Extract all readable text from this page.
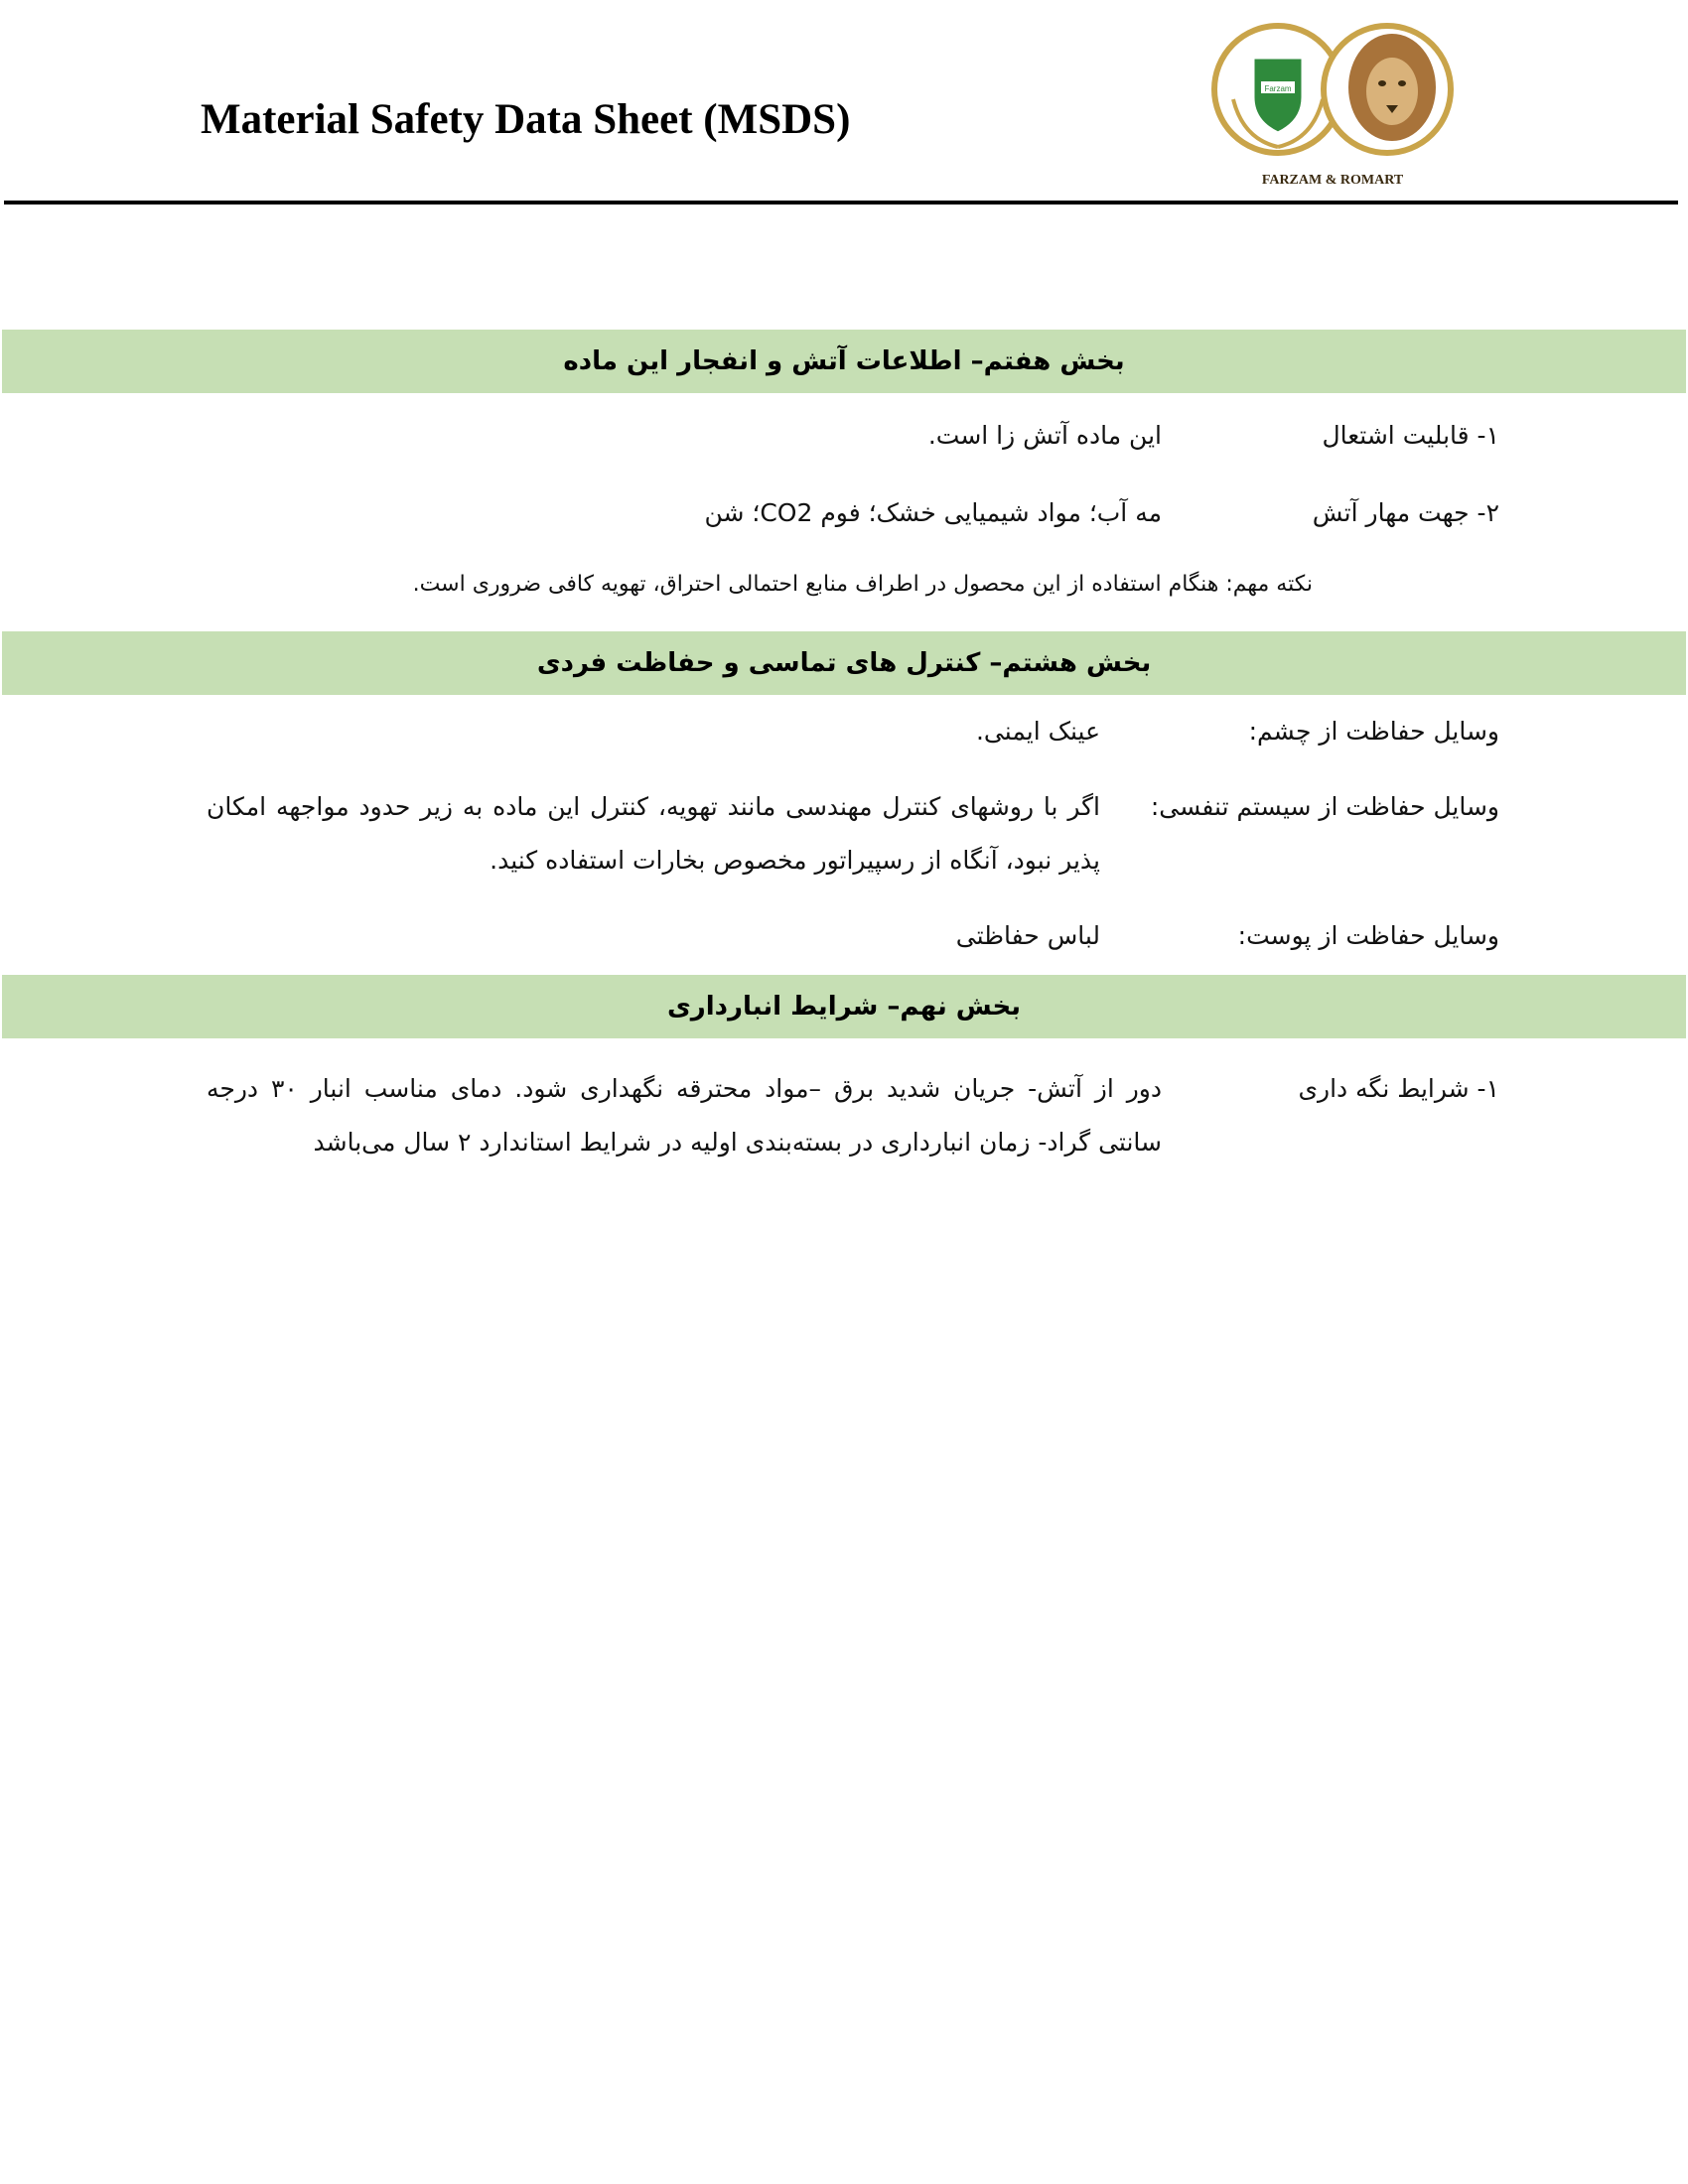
Material Safety Data Sheet (MSDS)
Farzam
FARZAM & ROMART
بخش هفتم– اطلاعات آتش و انفجار این ماده
۱- قابلیت اشتعال
این ماده آتش زا است.
۲- جهت مهار آتش
مه آب؛ مواد شیمیایی خشک؛ فوم CO2؛ شن
نکته مهم: هنگام استفاده از این محصول در اطراف منابع احتمالی احتراق، تهویه کافی ضروری است.
بخش هشتم– کنترل های تماسی و حفاظت فردی
وسایل حفاظت از چشم:
عینک ایمنی.
وسایل حفاظت از سیستم تنفسی:
اگر با روشهای کنترل مهندسی مانند تهویه، کنترل این ماده به زیر حدود مواجهه امکان پذیر نبود، آنگاه از رسپیراتور مخصوص بخارات استفاده کنید.
وسایل حفاظت از پوست:
لباس حفاظتی
بخش نهم– شرایط انبارداری
۱- شرایط نگه داری
دور از آتش- جریان شدید برق –مواد محترقه نگهداری شود. دمای مناسب انبار ۳۰ درجه سانتی گراد- زمان انبارداری در بسته‌بندی اولیه در شرایط استاندارد ۲ سال می‌باشد
